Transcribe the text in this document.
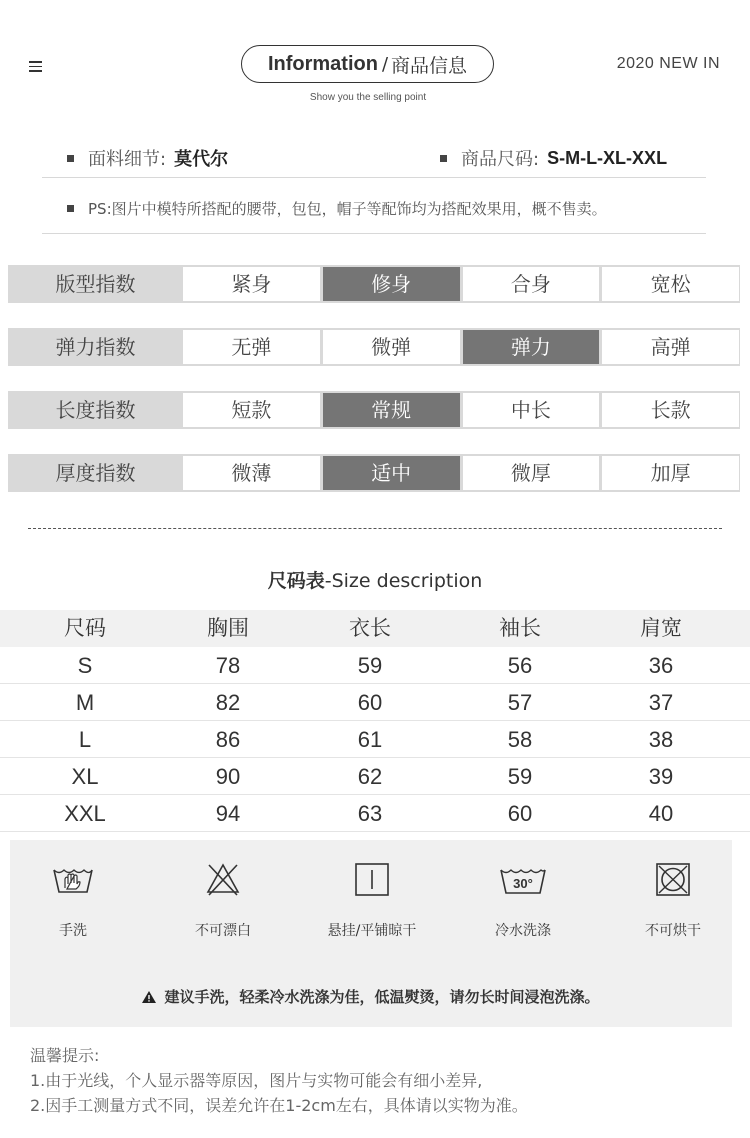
Information / 商品信息
Show you the selling point
2020 NEW IN
面料细节: 莫代尔	商品尺码: S-M-L-XL-XXL
PS:图片中模特所搭配的腰带，包包，帽子等配饰均为搭配效果用，概不售卖。
版型指数	紧身	修身	合身	宽松
弹力指数	无弹	微弹	弹力	高弹
长度指数	短款	常规	中长	长款
厚度指数	微薄	适中	微厚	加厚
尺码表-Size description
尺码	胸围	衣长	袖长	肩宽
S	78	59	56	36
M	82	60	57	37
L	86	61	58	38
XL	90	62	59	39
XXL	94	63	60	40
手洗	不可漂白	悬挂/平铺晾干
30°
冷水洗涤	不可烘干
建议手洗，轻柔冷水洗涤为佳，低温熨烫，请勿长时间浸泡洗涤。
温馨提示:
1.由于光线，个人显示器等原因，图片与实物可能会有细小差异,
2.因手工测量方式不同，误差允许在1-2cm左右，具体请以实物为准。
